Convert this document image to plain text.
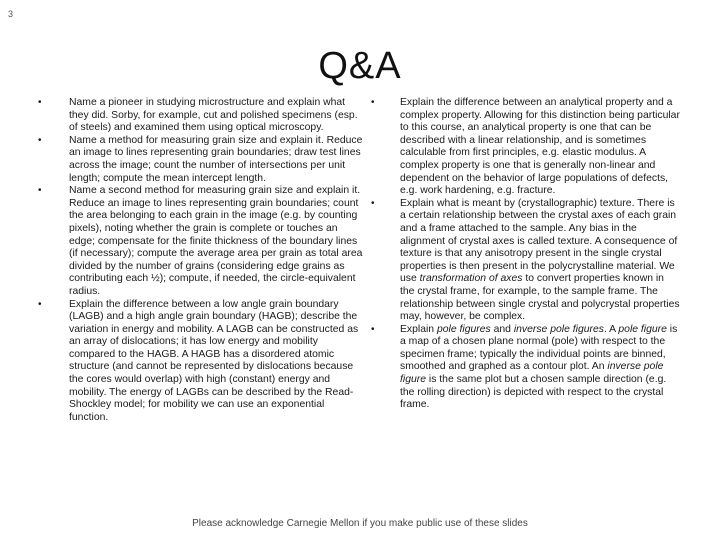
3
Q&A
•	Name a pioneer in studying microstructure and explain what they did. Sorby, for example, cut and polished specimens (esp. of steels) and examined them using optical microscopy.
•	Name a method for measuring grain size and explain it. Reduce an image to lines representing grain boundaries; draw test lines across the image; count the number of intersections per unit length; compute the mean intercept length.
•	Name a second method for measuring grain size and explain it. Reduce an image to lines representing grain boundaries; count the area belonging to each grain in the image (e.g. by counting pixels), noting whether the grain is complete or touches an edge; compensate for the finite thickness of the boundary lines (if necessary); compute the average area per grain as total area divided by the number of grains (considering edge grains as contributing each ½); compute, if needed, the circle-equivalent radius.
•	Explain the difference between a low angle grain boundary (LAGB) and a high angle grain boundary (HAGB); describe the variation in energy and mobility. A LAGB can be constructed as an array of dislocations; it has low energy and mobility compared to the HAGB. A HAGB has a disordered atomic structure (and cannot be represented by dislocations because the cores would overlap) with high (constant) energy and mobility. The energy of LAGBs can be described by the Read-Shockley model; for mobility we can use an exponential function.
• Explain the difference between an analytical property and a complex property. Allowing for this distinction being particular to this course, an analytical property is one that can be described with a linear relationship, and is sometimes calculable from first principles, e.g. elastic modulus. A complex property is one that is generally non-linear and dependent on the behavior of large populations of defects, e.g. work hardening, e.g. fracture.
• Explain what is meant by (crystallographic) texture. There is a certain relationship between the crystal axes of each grain and a frame attached to the sample. Any bias in the alignment of crystal axes is called texture. A consequence of texture is that any anisotropy present in the single crystal properties is then present in the polycrystalline material. We use transformation of axes to convert properties known in the crystal frame, for example, to the sample frame. The relationship between single crystal and polycrystal properties may, however, be complex.
• Explain pole figures and inverse pole figures. A pole figure is a map of a chosen plane normal (pole) with respect to the specimen frame; typically the individual points are binned, smoothed and graphed as a contour plot. An inverse pole figure is the same plot but a chosen sample direction (e.g. the rolling direction) is depicted with respect to the crystal frame.
Please acknowledge Carnegie Mellon if you make public use of these slides
